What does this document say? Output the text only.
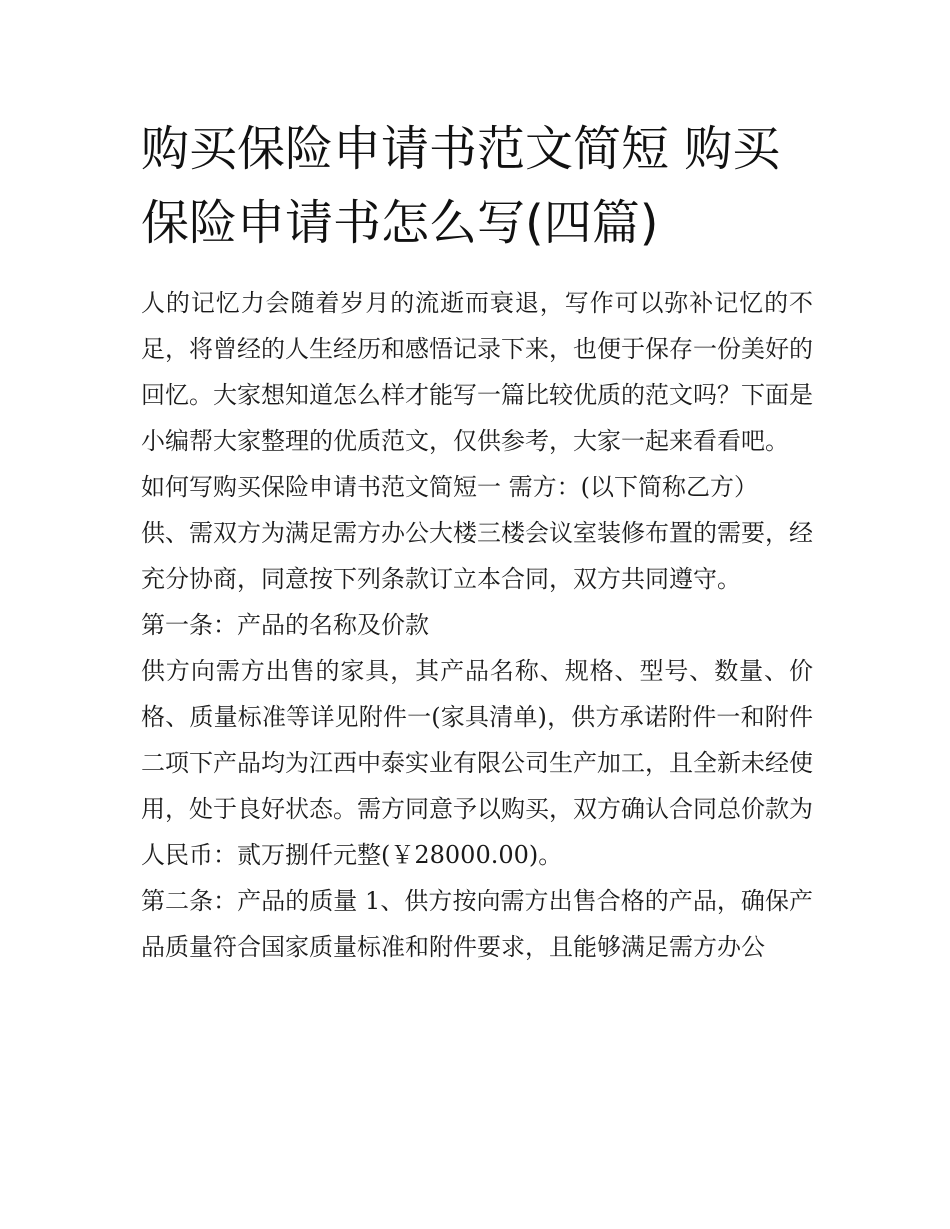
购买保险申请书范文简短 购买保险申请书怎么写(四篇)

人的记忆力会随着岁月的流逝而衰退，写作可以弥补记忆的不足，将曾经的人生经历和感悟记录下来，也便于保存一份美好的回忆。大家想知道怎么样才能写一篇比较优质的范文吗？下面是小编帮大家整理的优质范文，仅供参考，大家一起来看看吧。

如何写购买保险申请书范文简短一 需方：(以下简称乙方）

供、需双方为满足需方办公大楼三楼会议室装修布置的需要，经充分协商，同意按下列条款订立本合同，双方共同遵守。

第一条：产品的名称及价款

供方向需方出售的家具，其产品名称、规格、型号、数量、价格、质量标准等详见附件一(家具清单)，供方承诺附件一和附件二项下产品均为江西中泰实业有限公司生产加工，且全新未经使用，处于良好状态。需方同意予以购买，双方确认合同总价款为人民币：贰万捌仟元整(￥28000.00)。

第二条：产品的质量 1、供方按向需方出售合格的产品，确保产品质量符合国家质量标准和附件要求，且能够满足需方办公
